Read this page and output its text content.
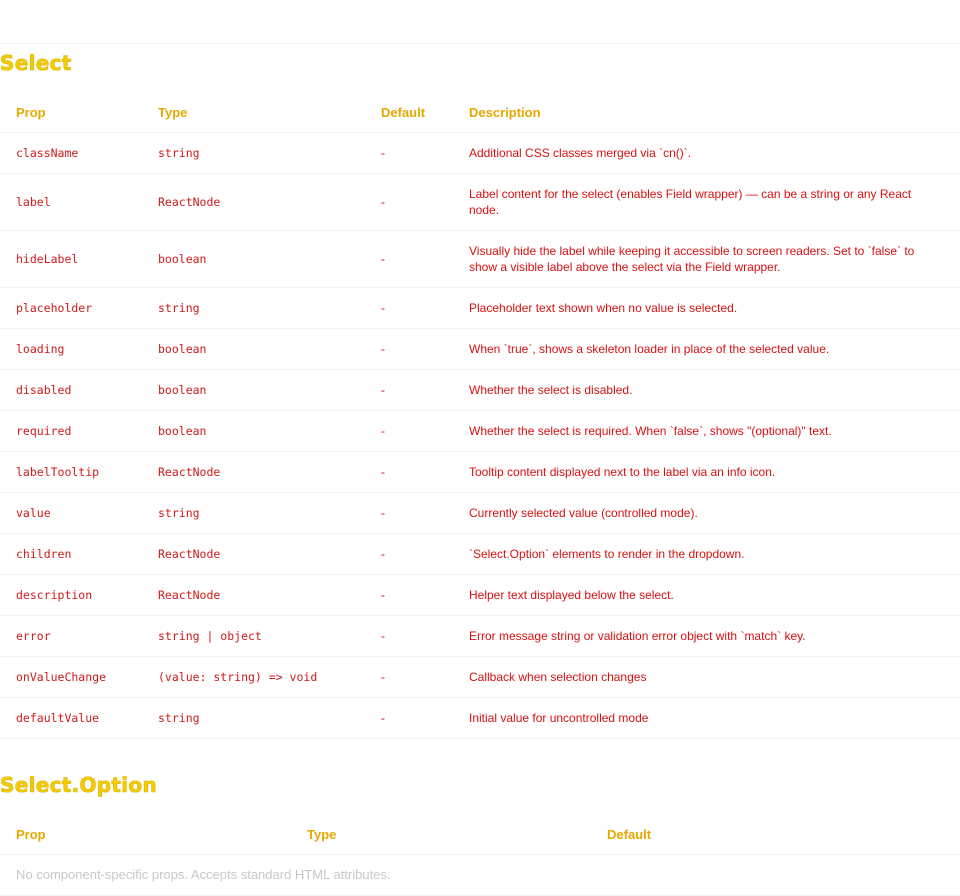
Select
Prop	Type	Default	Description
className	string	-	Additional CSS classes merged via `cn()`.
label	ReactNode	-	Label content for the select (enables Field wrapper) — can be a string or any React node.
hideLabel	boolean	-	Visually hide the label while keeping it accessible to screen readers. Set to `false` to show a visible label above the select via the Field wrapper.
placeholder	string	-	Placeholder text shown when no value is selected.
loading	boolean	-	When `true`, shows a skeleton loader in place of the selected value.
disabled	boolean	-	Whether the select is disabled.
required	boolean	-	Whether the select is required. When `false`, shows "(optional)" text.
labelTooltip	ReactNode	-	Tooltip content displayed next to the label via an info icon.
value	string	-	Currently selected value (controlled mode).
children	ReactNode	-	`Select.Option` elements to render in the dropdown.
description	ReactNode	-	Helper text displayed below the select.
error	string | object	-	Error message string or validation error object with `match` key.
onValueChange	(value: string) => void	-	Callback when selection changes
defaultValue	string	-	Initial value for uncontrolled mode
Select.Option
Prop	Type	Default
No component-specific props. Accepts standard HTML attributes.
